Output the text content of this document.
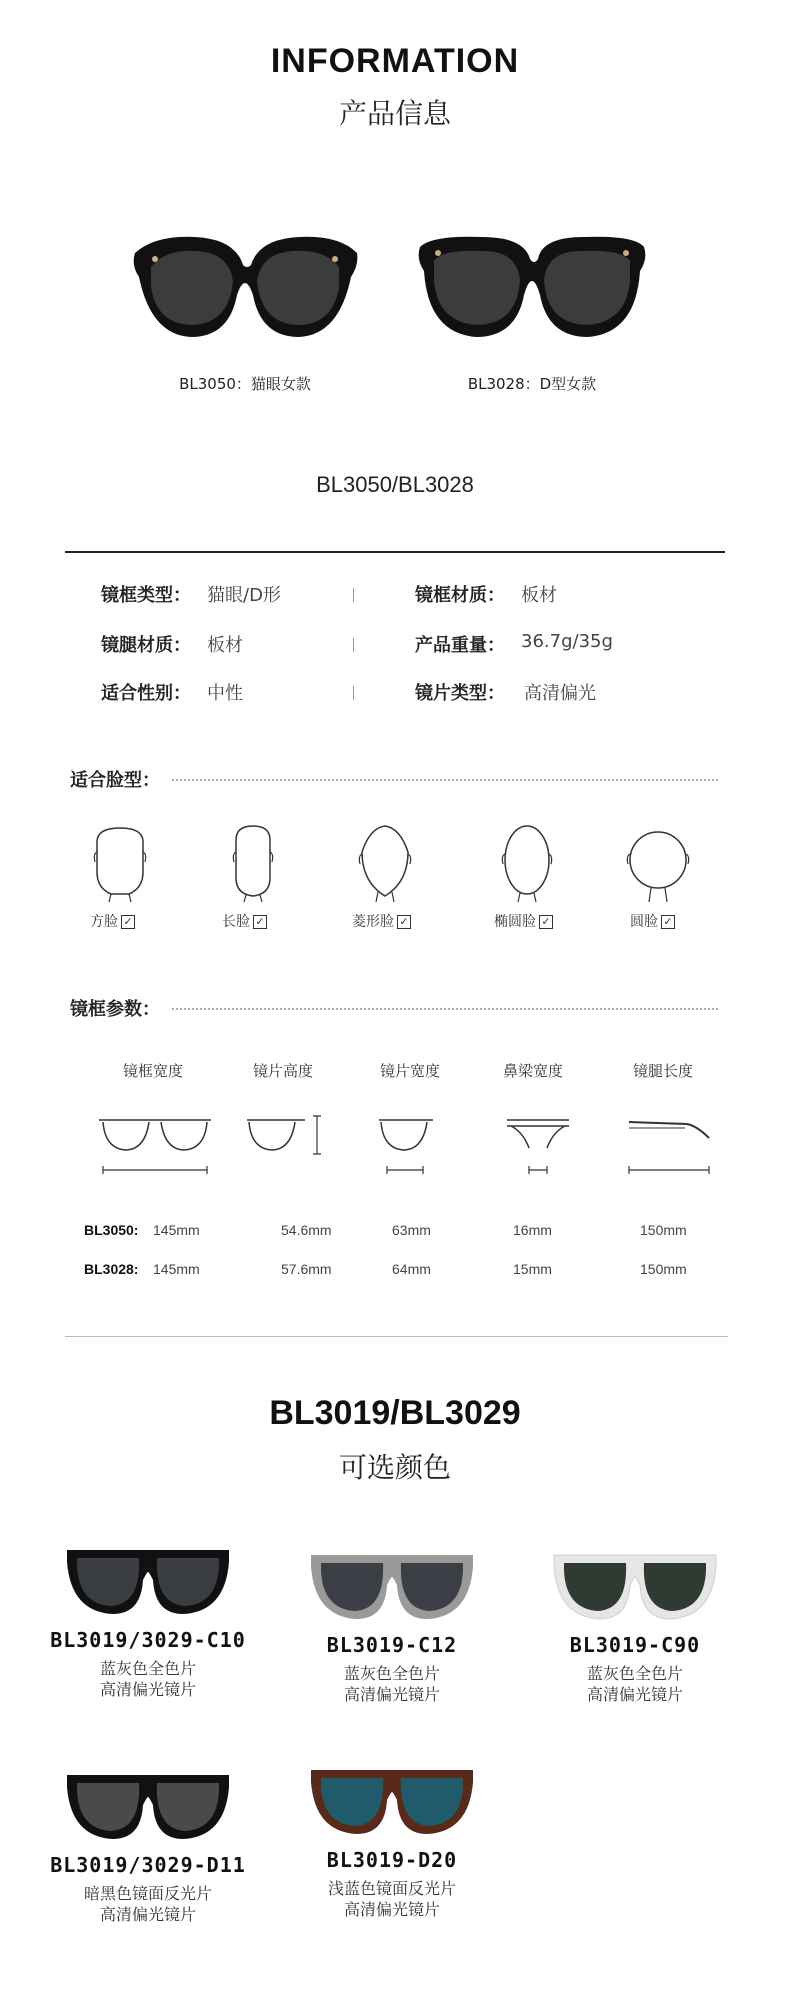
INFORMATION
产品信息
BL3050：猫眼女款	BL3028：D型女款
BL3050/BL3028
镜框类型： 猫眼/D形	镜框材质： 板材
镜腿材质： 板材	产品重量： 36.7g/35g
适合性别： 中性	镜片类型： 高清偏光
适合脸型：
方脸 ✓	长脸 ✓	菱形脸 ✓	椭圆脸 ✓	圆脸 ✓
镜框参数：
镜框宽度	镜片高度	镜片宽度	鼻梁宽度	镜腿长度
BL3050: 145mm	54.6mm	63mm	16mm	150mm
BL3028: 145mm	57.6mm	64mm	15mm	150mm
BL3019/BL3029
可选颜色
BL3019/3029-C10
蓝灰色全色片
高清偏光镜片
BL3019-C12
蓝灰色全色片
高清偏光镜片
BL3019-C90
蓝灰色全色片
高清偏光镜片
BL3019/3029-D11
暗黑色镜面反光片
高清偏光镜片
BL3019-D20
浅蓝色镜面反光片
高清偏光镜片
